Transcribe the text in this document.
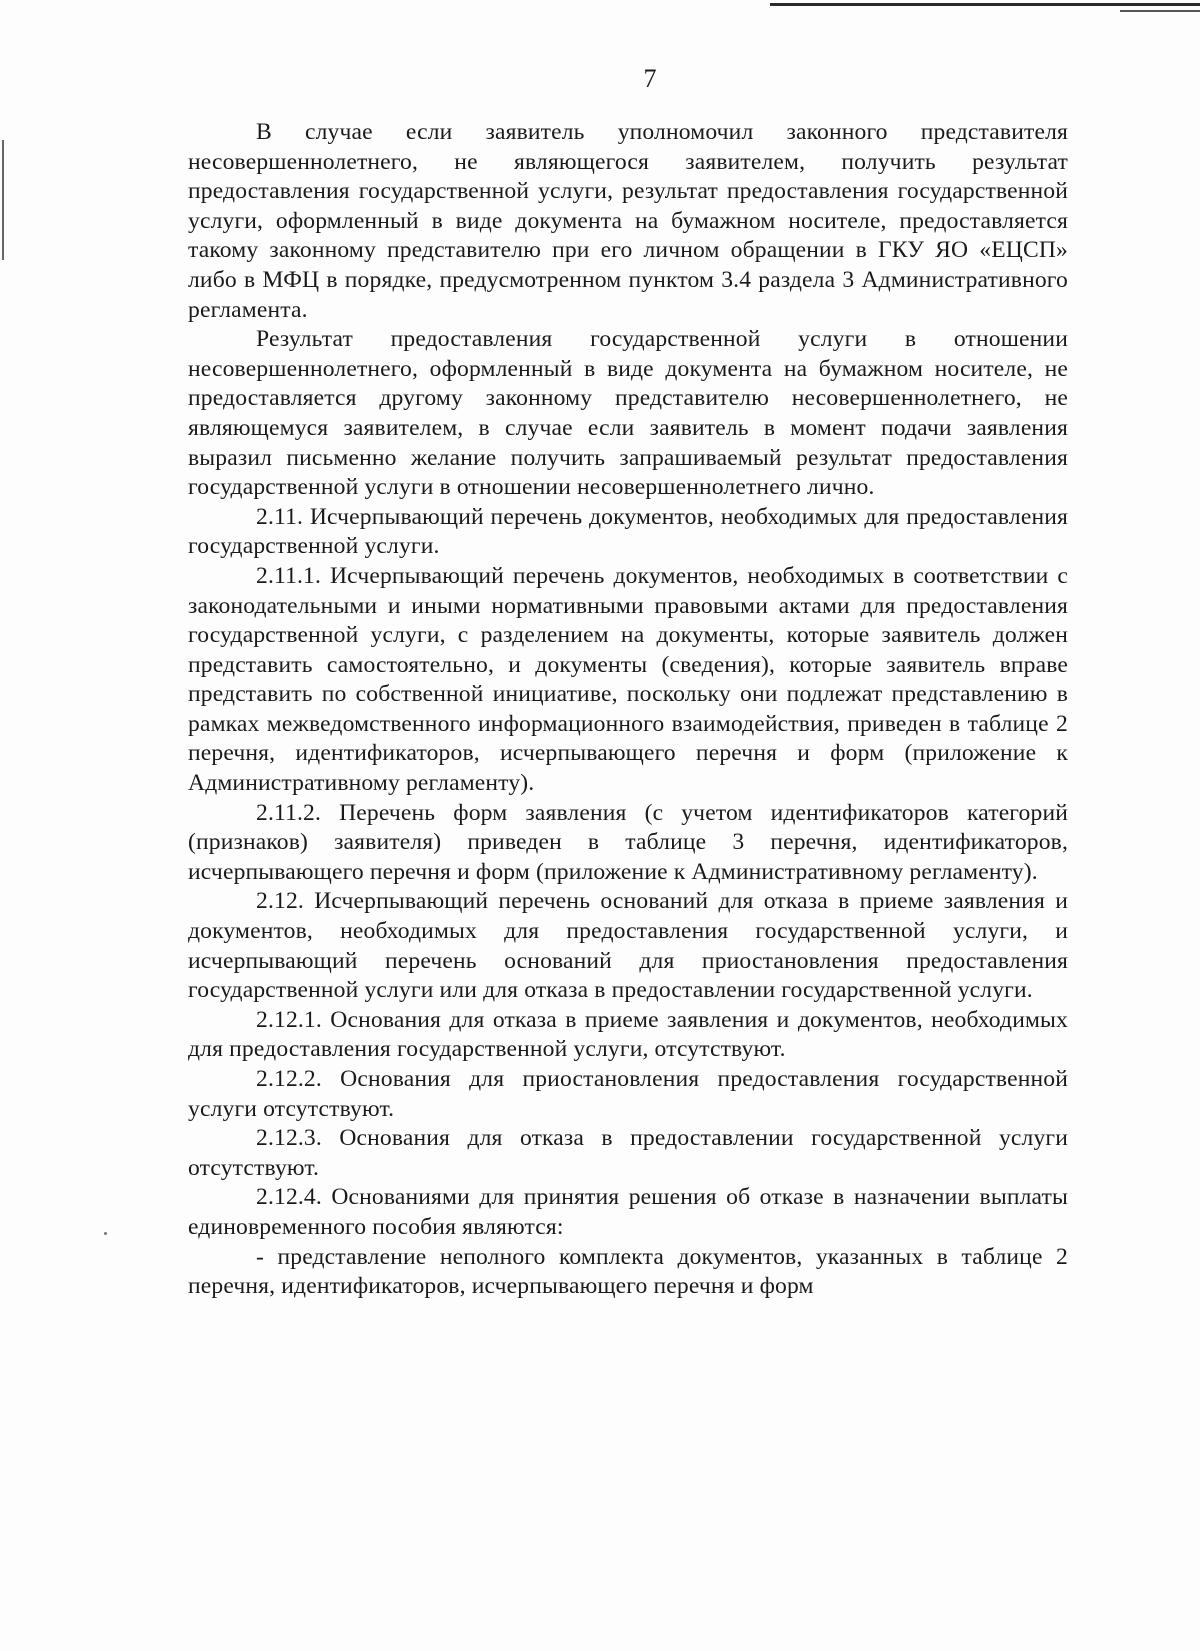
7

В случае если заявитель уполномочил законного представителя несовершеннолетнего, не являющегося заявителем, получить результат предоставления государственной услуги, результат предоставления государственной услуги, оформленный в виде документа на бумажном носителе, предоставляется такому законному представителю при его личном обращении в ГКУ ЯО «ЕЦСП» либо в МФЦ в порядке, предусмотренном пунктом 3.4 раздела 3 Административного регламента.

Результат предоставления государственной услуги в отношении несовершеннолетнего, оформленный в виде документа на бумажном носителе, не предоставляется другому законному представителю несовершеннолетнего, не являющемуся заявителем, в случае если заявитель в момент подачи заявления выразил письменно желание получить запрашиваемый результат предоставления государственной услуги в отношении несовершеннолетнего лично.

2.11. Исчерпывающий перечень документов, необходимых для предоставления государственной услуги.

2.11.1. Исчерпывающий перечень документов, необходимых в соответствии с законодательными и иными нормативными правовыми актами для предоставления государственной услуги, с разделением на документы, которые заявитель должен представить самостоятельно, и документы (сведения), которые заявитель вправе представить по собственной инициативе, поскольку они подлежат представлению в рамках межведомственного информационного взаимодействия, приведен в таблице 2 перечня, идентификаторов, исчерпывающего перечня и форм (приложение к Административному регламенту).

2.11.2. Перечень форм заявления (с учетом идентификаторов категорий (признаков) заявителя) приведен в таблице 3 перечня, идентификаторов, исчерпывающего перечня и форм (приложение к Административному регламенту).

2.12. Исчерпывающий перечень оснований для отказа в приеме заявления и документов, необходимых для предоставления государственной услуги, и исчерпывающий перечень оснований для приостановления предоставления государственной услуги или для отказа в предоставлении государственной услуги.

2.12.1. Основания для отказа в приеме заявления и документов, необходимых для предоставления государственной услуги, отсутствуют.

2.12.2. Основания для приостановления предоставления государственной услуги отсутствуют.

2.12.3. Основания для отказа в предоставлении государственной услуги отсутствуют.

2.12.4. Основаниями для принятия решения об отказе в назначении выплаты единовременного пособия являются:

- представление неполного комплекта документов, указанных в таблице 2 перечня, идентификаторов, исчерпывающего перечня и форм
